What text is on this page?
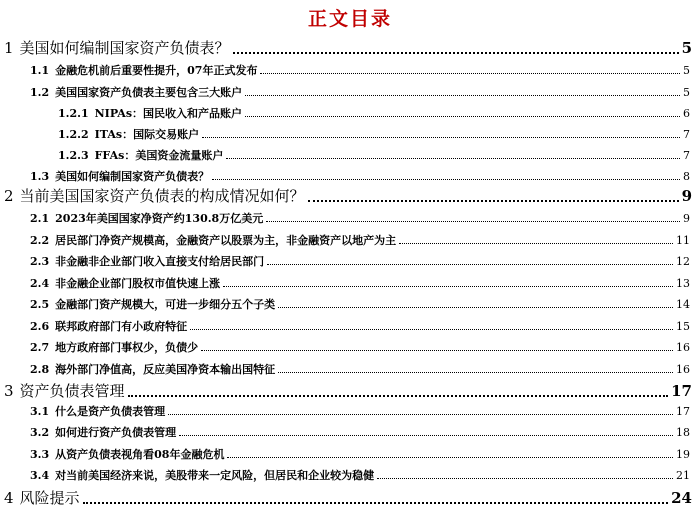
正文目录
1 美国如何编制国家资产负债表？	5
1.1 金融危机前后重要性提升，07年正式发布	5
1.2 美国国家资产负债表主要包含三大账户	5
1.2.1 NIPAs：国民收入和产品账户	6
1.2.2 ITAs：国际交易账户	7
1.2.3 FFAs：美国资金流量账户	7
1.3 美国如何编制国家资产负债表？	8
2 当前美国国家资产负债表的构成情况如何？	9
2.1 2023年美国国家净资产约130.8万亿美元	9
2.2 居民部门净资产规模高，金融资产以股票为主，非金融资产以地产为主	11
2.3 非金融非企业部门收入直接支付给居民部门	12
2.4 非金融企业部门股权市值快速上涨	13
2.5 金融部门资产规模大，可进一步细分五个子类	14
2.6 联邦政府部门有小政府特征	15
2.7 地方政府部门事权少，负债少	16
2.8 海外部门净值高，反应美国净资本输出国特征	16
3 资产负债表管理	17
3.1 什么是资产负债表管理	17
3.2 如何进行资产负债表管理	18
3.3 从资产负债表视角看08年金融危机	19
3.4 对当前美国经济来说，美股带来一定风险，但居民和企业较为稳健	21
4 风险提示	24
